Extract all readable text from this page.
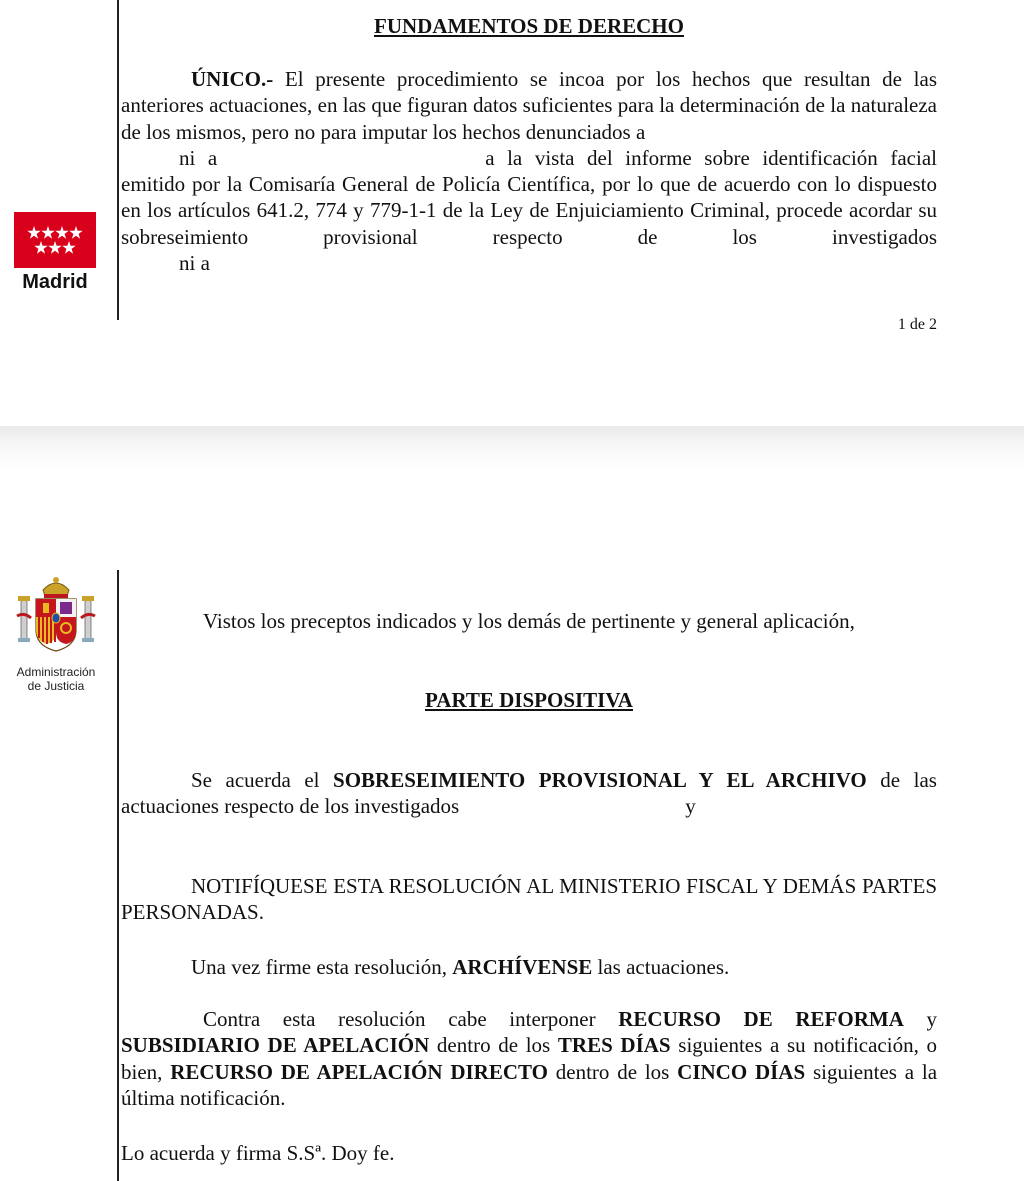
Madrid
FUNDAMENTOS DE DERECHO

ÚNICO.- El presente procedimiento se incoa por los hechos que resultan de las anteriores actuaciones, en las que figuran datos suficientes para la determinación de la naturaleza de los mismos, pero no para imputar los hechos denunciados a

ni a	a la vista del informe sobre identificación facial emitido por la Comisaría General de Policía Científica, por lo que de acuerdo con lo dispuesto en los artículos 641.2, 774 y 779-1-1 de la Ley de Enjuiciamiento Criminal, procede acordar su sobreseimiento provisional respecto de los investigados

ni a

1 de 2
Administración
de Justicia

Vistos los preceptos indicados y los demás de pertinente y general aplicación,

PARTE DISPOSITIVA

Se acuerda el SOBRESEIMIENTO PROVISIONAL Y EL ARCHIVO de las actuaciones respecto de los investigados	y

NOTIFÍQUESE ESTA RESOLUCIÓN AL MINISTERIO FISCAL Y DEMÁS PARTES PERSONADAS.

Una vez firme esta resolución, ARCHÍVENSE las actuaciones.

Contra esta resolución cabe interponer RECURSO DE REFORMA y SUBSIDIARIO DE APELACIÓN dentro de los TRES DÍAS siguientes a su notificación, o bien, RECURSO DE APELACIÓN DIRECTO dentro de los CINCO DÍAS siguientes a la última notificación.

Lo acuerda y firma S.Sª. Doy fe.
